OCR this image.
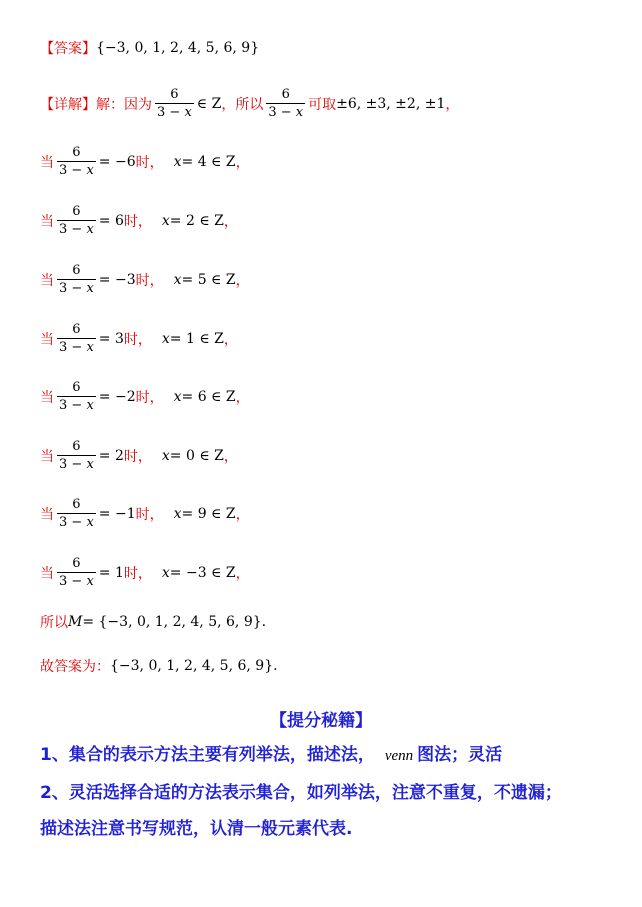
【答案】 {−3, 0, 1, 2, 4, 5, 6, 9}
【详解】 解：因为 $\frac{6}{3 - x}$ ∈ Z ，所以 $\frac{6}{3 - x}$ 可取 ±6, ±3, ±2, ±1 ，
当 $\frac{6}{3 - x} = -6$ 时， x = 4 ∈ Z ，
当 $\frac{6}{3 - x} = 6$ 时， x = 2 ∈ Z ，
当 $\frac{6}{3 - x} = -3$ 时， x = 5 ∈ Z ，
当 $\frac{6}{3 - x} = 3$ 时， x = 1 ∈ Z ，
当 $\frac{6}{3 - x} = -2$ 时， x = 6 ∈ Z ，
当 $\frac{6}{3 - x} = 2$ 时， x = 0 ∈ Z ，
当 $\frac{6}{3 - x} = -1$ 时， x = 9 ∈ Z ，
当 $\frac{6}{3 - x} = 1$ 时， x = −3 ∈ Z ，
所以 M = {−3, 0, 1, 2, 4, 5, 6, 9} .
故答案为： {−3, 0, 1, 2, 4, 5, 6, 9} .
【提分秘籍】
1、集合的表示方法主要有列举法，描述法， venn 图法；灵活
2、灵活选择合适的方法表示集合，如列举法，注意不重复，不遗漏；
描述法注意书写规范，认清一般元素代表.
